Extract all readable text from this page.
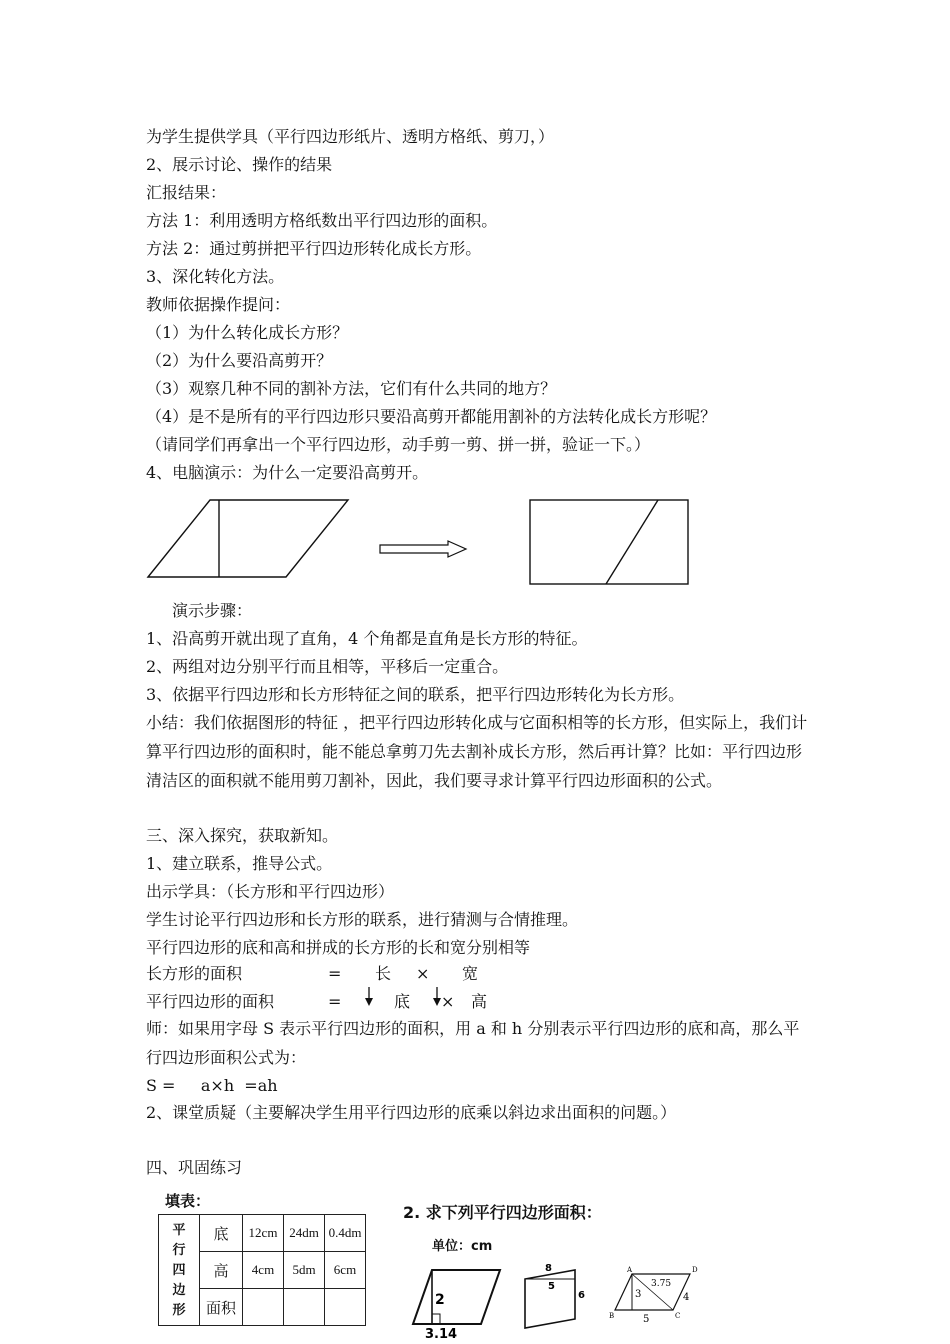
为学生提供学具（平行四边形纸片、透明方格纸、剪刀，）
2、展示讨论、操作的结果
汇报结果：
方法 1：利用透明方格纸数出平行四边形的面积。
方法 2：通过剪拼把平行四边形转化成长方形。
3、深化转化方法。
教师依据操作提问：
（1）为什么转化成长方形？
（2）为什么要沿高剪开？
（3）观察几种不同的割补方法，它们有什么共同的地方？
（4）是不是所有的平行四边形只要沿高剪开都能用割补的方法转化成长方形呢？
（请同学们再拿出一个平行四边形，动手剪一剪、拼一拼，验证一下。）
4、电脑演示：为什么一定要沿高剪开。
演示步骤：
1、沿高剪开就出现了直角，4 个角都是直角是长方形的特征。
2、两组对边分别平行而且相等，平移后一定重合。
3、依据平行四边形和长方形特征之间的联系，把平行四边形转化为长方形。
小结：我们依据图形的特征 ，把平行四边形转化成与它面积相等的长方形，但实际上，我们计算平行四边形的面积时，能不能总拿剪刀先去割补成长方形，然后再计算？比如：平行四边形清洁区的面积就不能用剪刀割补，因此，我们要寻求计算平行四边形面积的公式。
三、深入探究，获取新知。
1、建立联系，推导公式。
出示学具：（长方形和平行四边形）
学生讨论平行四边形和长方形的联系，进行猜测与合情推理。
平行四边形的底和高和拼成的长方形的长和宽分别相等
长方形的面积	= 长 × 宽
平行四边形的面积	=	底 × 高
师：如果用字母 S 表示平行四边形的面积，用 a 和 h 分别表示平行四边形的底和高，那么平行四边形面积公式为：
S =     a×h  =ah
2、课堂质疑（主要解决学生用平行四边形的底乘以斜边求出面积的问题。）
四、巩固练习
填表：
平
行
四
边
形	底	12cm	24dm	0.4dm
	高	4cm	5dm	6cm
	面积			
2. 求下列平行四边形面积：
单位：cm
2
3.14
8
5
6
A	D
B	C
3.75
3	4
5
